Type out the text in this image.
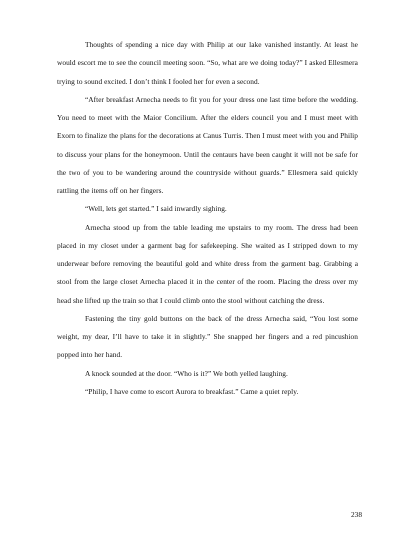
Thoughts of spending a nice day with Philip at our lake vanished instantly. At least he would escort me to see the council meeting soon. “So, what are we doing today?” I asked Ellesmera trying to sound excited. I don’t think I fooled her for even a second.

“After breakfast Arnecha needs to fit you for your dress one last time before the wedding. You need to meet with the Maior Concilium. After the elders council you and I must meet with Exorn to finalize the plans for the decorations at Canus Turris. Then I must meet with you and Philip to discuss your plans for the honeymoon. Until the centaurs have been caught it will not be safe for the two of you to be wandering around the countryside without guards.” Ellesmera said quickly rattling the items off on her fingers.

“Well, lets get started.” I said inwardly sighing.

Arnecha stood up from the table leading me upstairs to my room. The dress had been placed in my closet under a garment bag for safekeeping. She waited as I stripped down to my underwear before removing the beautiful gold and white dress from the garment bag. Grabbing a stool from the large closet Arnecha placed it in the center of the room. Placing the dress over my head she lifted up the train so that I could climb onto the stool without catching the dress.

Fastening the tiny gold buttons on the back of the dress Arnecha said, “You lost some weight, my dear, I’ll have to take it in slightly.” She snapped her fingers and a red pincushion popped into her hand.

A knock sounded at the door. “Who is it?” We both yelled laughing.

“Philip, I have come to escort Aurora to breakfast.” Came a quiet reply.

238
